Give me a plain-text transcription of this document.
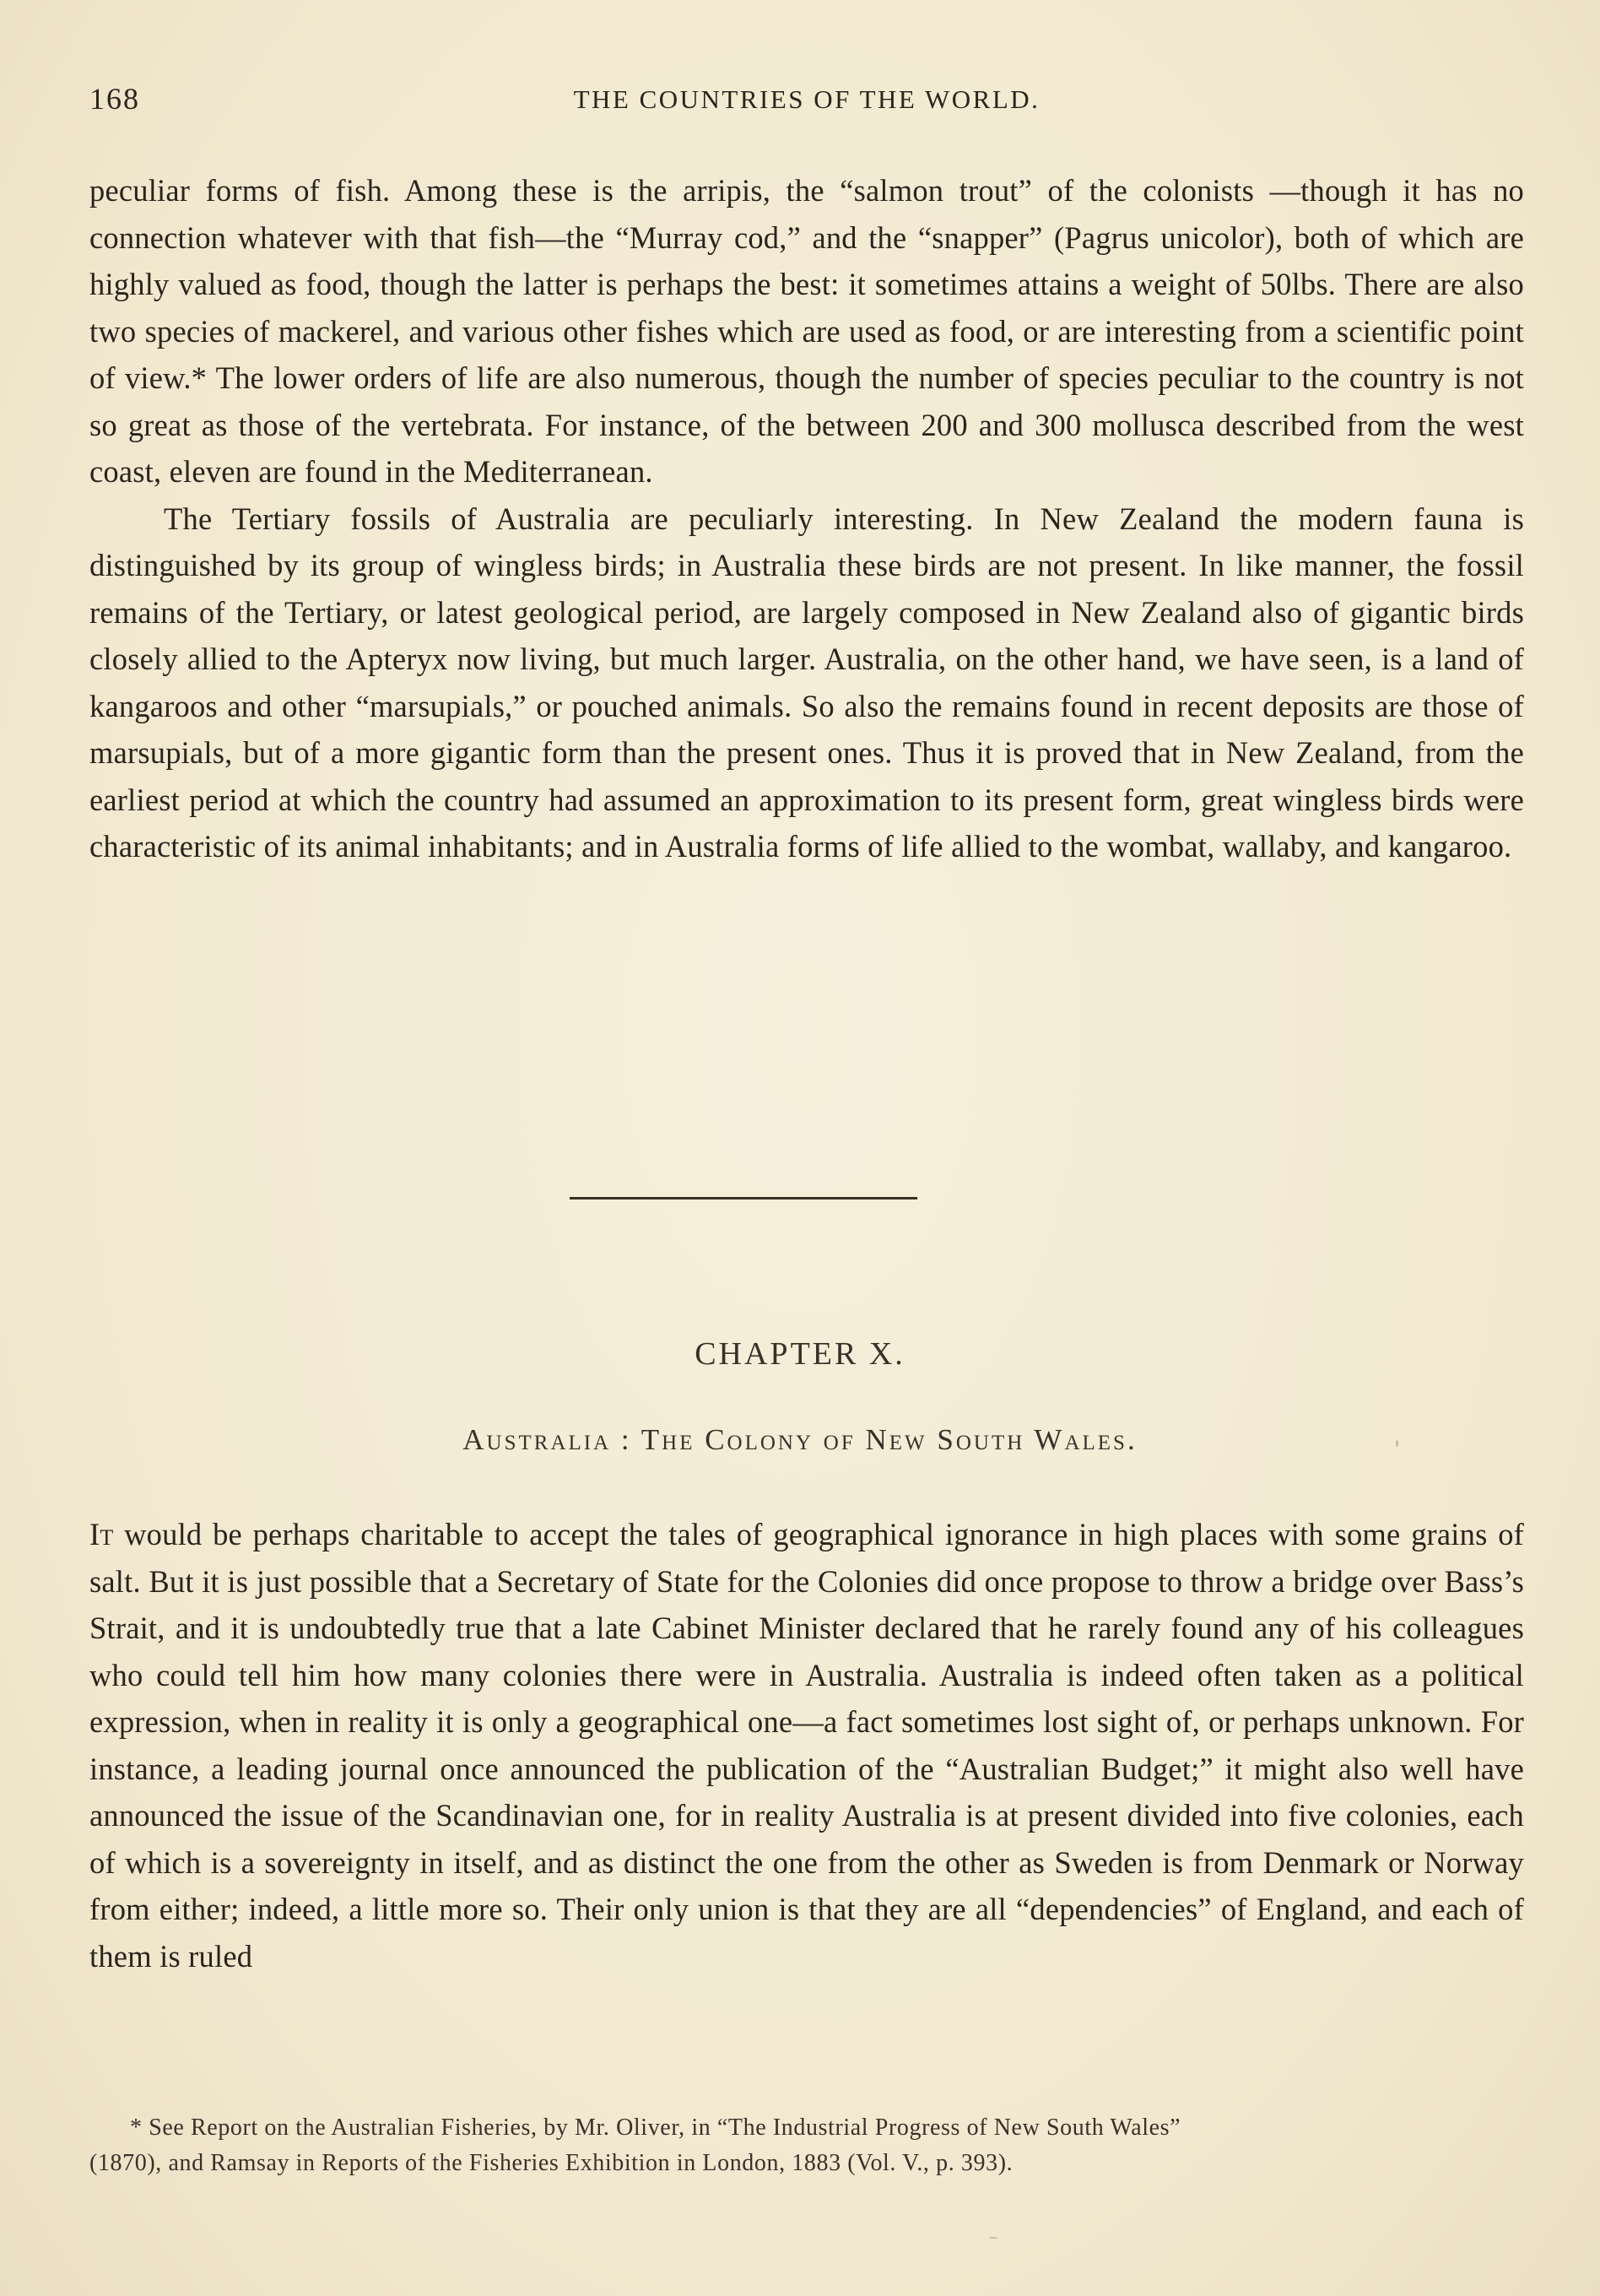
168	THE COUNTRIES OF THE WORLD.

peculiar forms of fish. Among these is the arripis, the “salmon trout” of the colonists —though it has no connection whatever with that fish—the “Murray cod,” and the “snapper” (Pagrus unicolor), both of which are highly valued as food, though the latter is perhaps the best: it sometimes attains a weight of 50lbs. There are also two species of mackerel, and various other fishes which are used as food, or are interesting from a scientific point of view.* The lower orders of life are also numerous, though the number of species peculiar to the country is not so great as those of the vertebrata. For instance, of the between 200 and 300 mollusca described from the west coast, eleven are found in the Mediterranean.

The Tertiary fossils of Australia are peculiarly interesting. In New Zealand the modern fauna is distinguished by its group of wingless birds; in Australia these birds are not present. In like manner, the fossil remains of the Tertiary, or latest geological period, are largely composed in New Zealand also of gigantic birds closely allied to the Apteryx now living, but much larger. Australia, on the other hand, we have seen, is a land of kangaroos and other “marsupials,” or pouched animals. So also the remains found in recent deposits are those of marsupials, but of a more gigantic form than the present ones. Thus it is proved that in New Zealand, from the earliest period at which the country had assumed an approximation to its present form, great wingless birds were characteristic of its animal inhabitants; and in Australia forms of life allied to the wombat, wallaby, and kangaroo.

CHAPTER X.
Australia : The Colony of New South Wales.

It would be perhaps charitable to accept the tales of geographical ignorance in high places with some grains of salt. But it is just possible that a Secretary of State for the Colonies did once propose to throw a bridge over Bass’s Strait, and it is undoubtedly true that a late Cabinet Minister declared that he rarely found any of his colleagues who could tell him how many colonies there were in Australia. Australia is indeed often taken as a political expression, when in reality it is only a geographical one—a fact sometimes lost sight of, or perhaps unknown. For instance, a leading journal once announced the publication of the “Australian Budget;” it might also well have announced the issue of the Scandinavian one, for in reality Australia is at present divided into five colonies, each of which is a sovereignty in itself, and as distinct the one from the other as Sweden is from Denmark or Norway from either; indeed, a little more so. Their only union is that they are all “dependencies” of England, and each of them is ruled

* See Report on the Australian Fisheries, by Mr. Oliver, in “The Industrial Progress of New South Wales”
(1870), and Ramsay in Reports of the Fisheries Exhibition in London, 1883 (Vol. V., p. 393).
